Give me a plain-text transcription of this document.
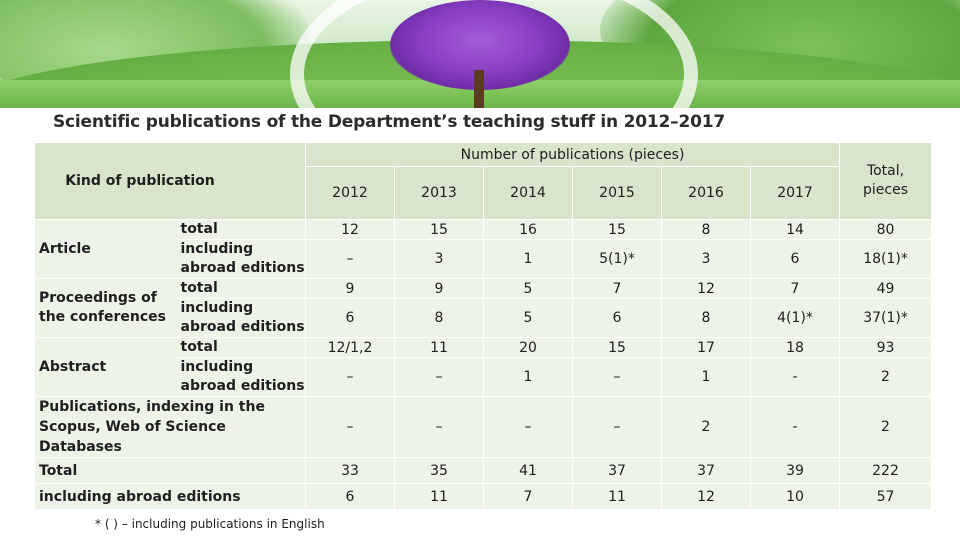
Scientific publications of the Department’s teaching stuff in 2012–2017
Kind of publication		Number of publications (pieces)						Total, pieces
		2012	2013	2014	2015	2016	2017	
Article	total	12	15	16	15	8	14	80
	including abroad editions	–	3	1	5(1)*	3	6	18(1)*
Proceedings of the conferences	total	9	9	5	7	12	7	49
	including abroad editions	6	8	5	6	8	4(1)*	37(1)*
Abstract	total	12/1,2	11	20	15	17	18	93
	including abroad editions	–	–	1	–	1	-	2
Publications, indexing in the Scopus, Web of Science Databases		–	–	–	–	2	-	2
Total		33	35	41	37	37	39	222
including abroad editions		6	11	7	11	12	10	57
* ( ) – including publications in English
